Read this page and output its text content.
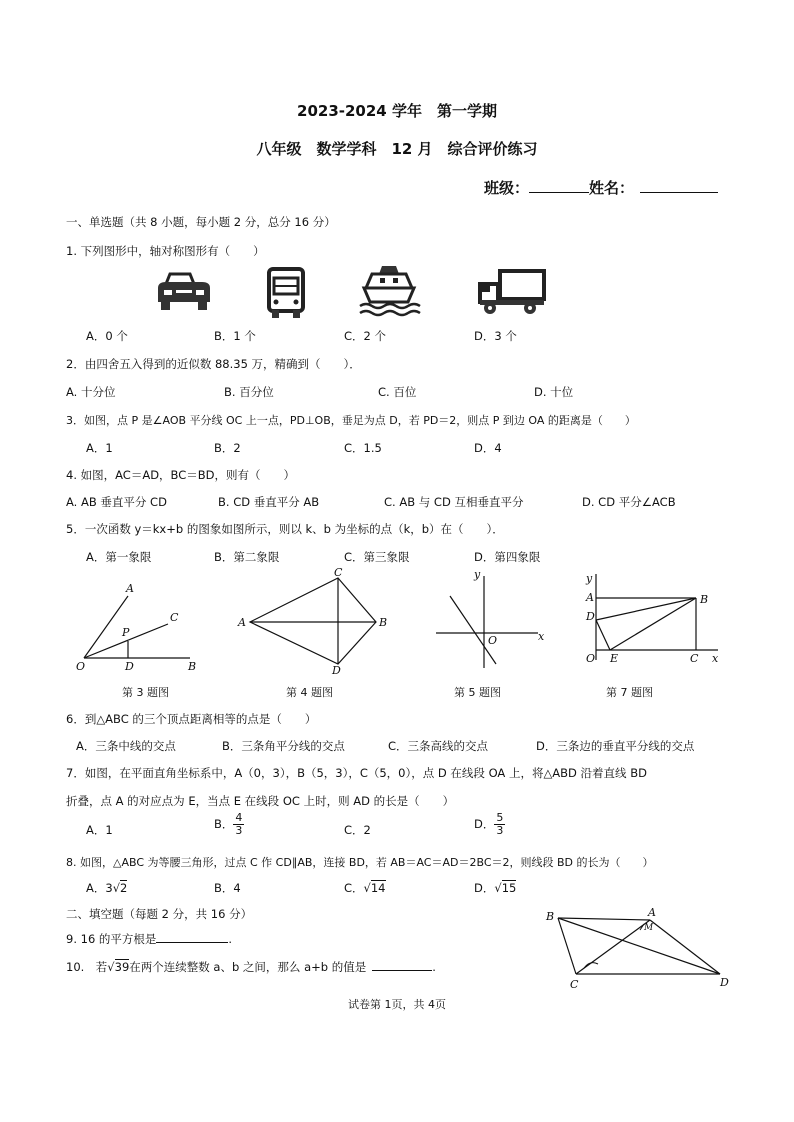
2023-2024 学年　第一学期
八年级　数学学科　12 月　综合评价练习
班级：	姓名：
一、单选题（共 8 小题，每小题 2 分，总分 16 分）
1. 下列图形中，轴对称图形有（　　）
A．0 个	B．1 个	C．2 个	D．3 个
2．由四舍五入得到的近似数 88.35 万，精确到（　　）．
A. 十分位	B. 百分位	C. 百位	D. 十位
3．如图，点 P 是∠AOB 平分线 OC 上一点，PD⊥OB，垂足为点 D，若 PD＝2，则点 P 到边 OA 的距离是（　　）
A．1	B．2	C．1.5	D．4
4. 如图，AC＝AD，BC＝BD，则有（　　）
A. AB 垂直平分 CD	B. CD 垂直平分 AB	C. AB 与 CD 互相垂直平分	D. CD 平分∠ACB
5．一次函数 y＝kx+b 的图象如图所示，则以 k、b 为坐标的点（k，b）在（　　）．
A．第一象限	B．第二象限	C．第三象限	D．第四象限
A
C
P
O	D	B
C
A	B
D
y
O	x
y
A	B
D
O E	C x
第 3 题图	第 4 题图	第 5 题图	第 7 题图
6．到△ABC 的三个顶点距离相等的点是（　　）
A．三条中线的交点	B．三条角平分线的交点	C．三条高线的交点	D．三条边的垂直平分线的交点
7．如图，在平面直角坐标系中，A（0，3），B（5，3），C（5，0），点 D 在线段 OA 上，将△ABD 沿着直线 BD
折叠，点 A 的对应点为 E，当点 E 在线段 OC 上时，则 AD 的长是（　　）
A．1	B． $\frac{4}{3}$	C．2	D． $\frac{5}{3}$
8. 如图，△ABC 为等腰三角形，过点 C 作 CD∥AB，连接 BD，若 AB＝AC＝AD＝2BC＝2，则线段 BD 的长为（　　）
A．3√2	B．4	C．√14	D．√15
二、填空题（每题 2 分，共 16 分）
9. 16 的平方根是	.
10.　若√39在两个连续整数 a、b 之间，那么 a+b 的值是	.
B	A
M
C	D
试卷第 1页，共 4页
